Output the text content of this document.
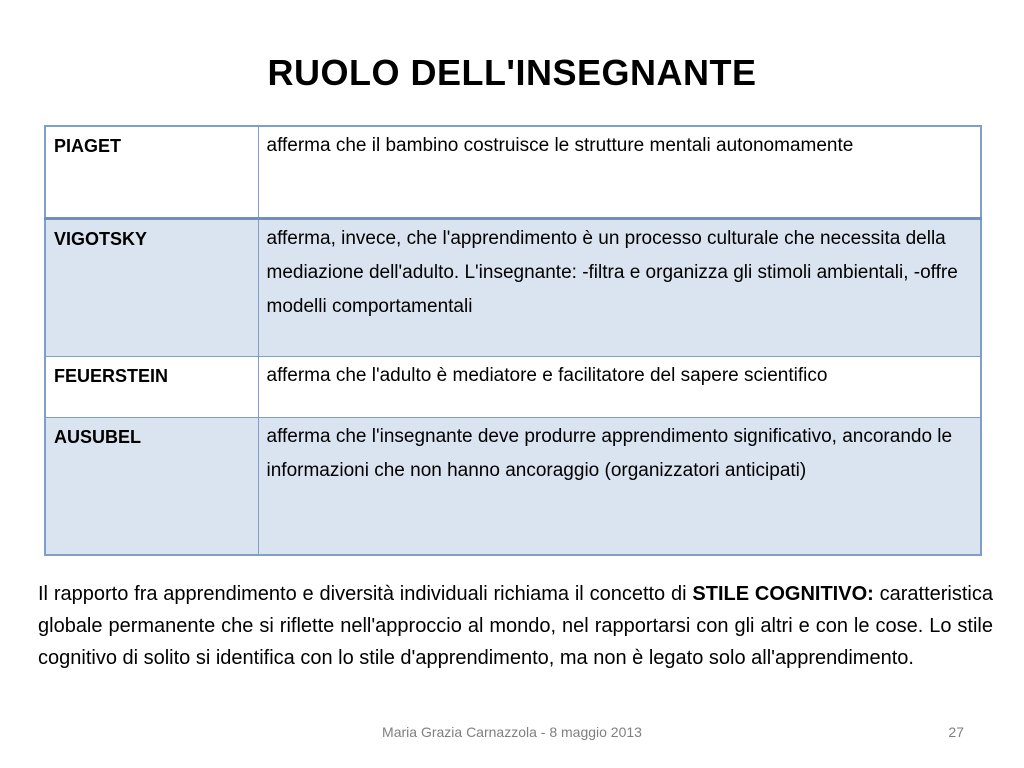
RUOLO DELL'INSEGNANTE
PIAGET	afferma che il bambino costruisce le strutture mentali autonomamente
VIGOTSKY	afferma, invece, che l'apprendimento è un processo culturale che necessita della mediazione dell'adulto. L'insegnante: -filtra e organizza gli stimoli ambientali, -offre modelli comportamentali
FEUERSTEIN	afferma che l'adulto è mediatore e facilitatore del sapere scientifico
AUSUBEL	afferma che l'insegnante deve produrre apprendimento significativo, ancorando le informazioni che non hanno ancoraggio (organizzatori anticipati)
Il rapporto fra apprendimento e diversità individuali richiama il concetto di STILE COGNITIVO: caratteristica globale permanente che si riflette nell'approccio al mondo, nel rapportarsi con gli altri e con le cose. Lo stile cognitivo di solito si identifica con lo stile d'apprendimento, ma non è legato solo all'apprendimento.
Maria Grazia Carnazzola - 8 maggio 2013	27
